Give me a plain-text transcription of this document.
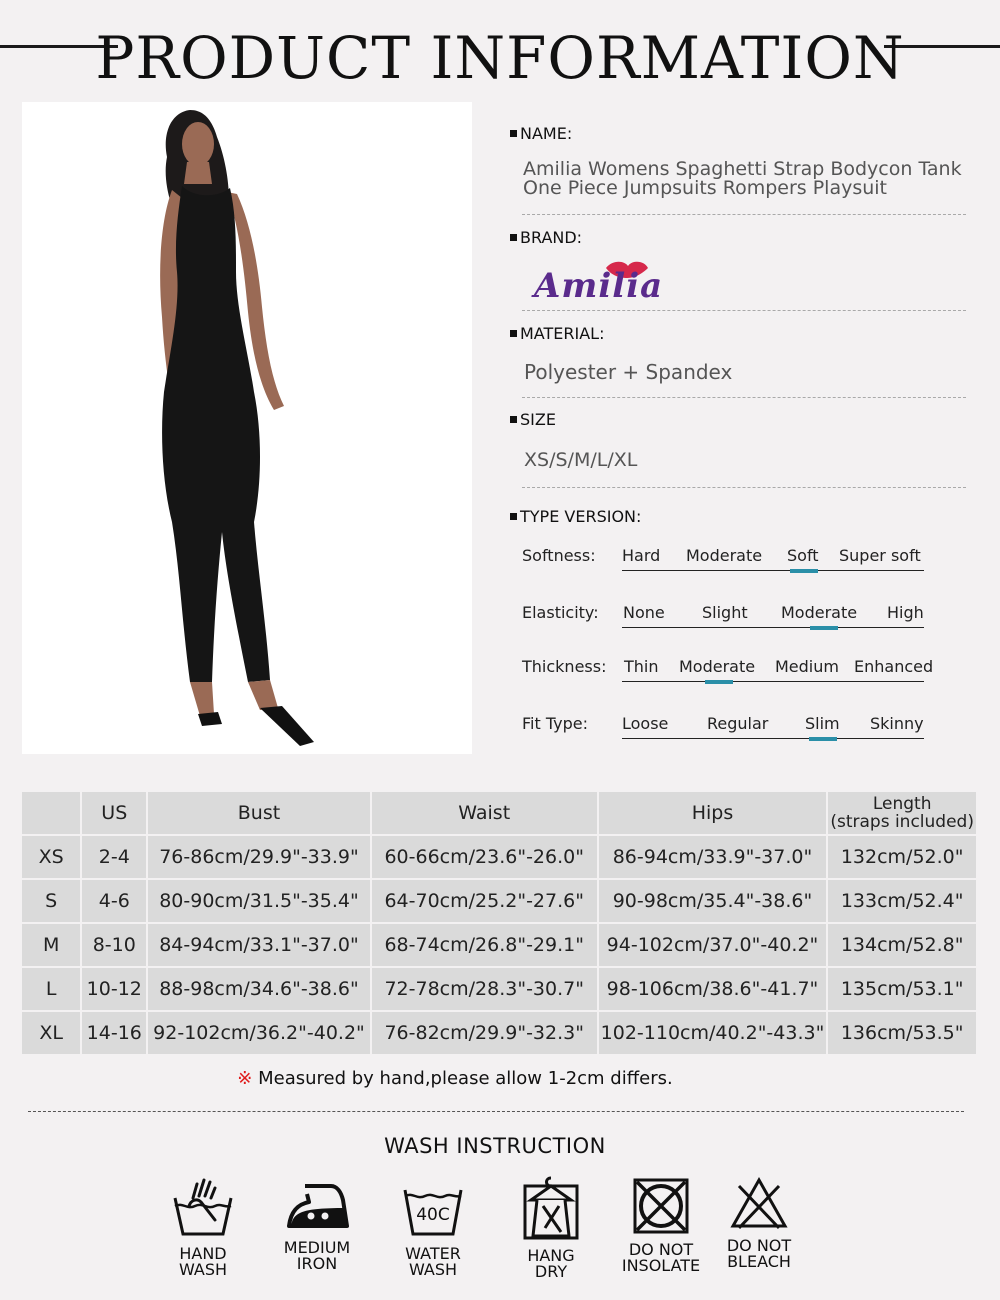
PRODUCT INFORMATION
NAME:
Amilia Womens Spaghetti Strap Bodycon Tank
One Piece Jumpsuits Rompers Playsuit
BRAND:
Amilia
MATERIAL:
Polyester + Spandex
SIZE
XS/S/M/L/XL
TYPE VERSION:
Softness: Hard Moderate Soft Super soft
Elasticity: None Slight Moderate High
Thickness: Thin Moderate Medium Enhanced
Fit Type: Loose Regular Slim Skinny
	US	Bust	Waist	Hips	Length
(straps included)

XS	2-4	76-86cm/29.9"-33.9"	60-66cm/23.6"-26.0"	86-94cm/33.9"-37.0"	132cm/52.0"
S	4-6	80-90cm/31.5"-35.4"	64-70cm/25.2"-27.6"	90-98cm/35.4"-38.6"	133cm/52.4"
M	8-10	84-94cm/33.1"-37.0"	68-74cm/26.8"-29.1"	94-102cm/37.0"-40.2"	134cm/52.8"
L	10-12	88-98cm/34.6"-38.6"	72-78cm/28.3"-30.7"	98-106cm/38.6"-41.7"	135cm/53.1"
XL	14-16	92-102cm/36.2"-40.2"	76-82cm/29.9"-32.3"	102-110cm/40.2"-43.3"	136cm/53.5"
※ Measured by hand,please allow 1-2cm differs.
WASH INSTRUCTION
HAND
WASH
MEDIUM
IRON
40C
WATER
WASH
HANG
DRY
DO NOT
INSOLATE
DO NOT
BLEACH
